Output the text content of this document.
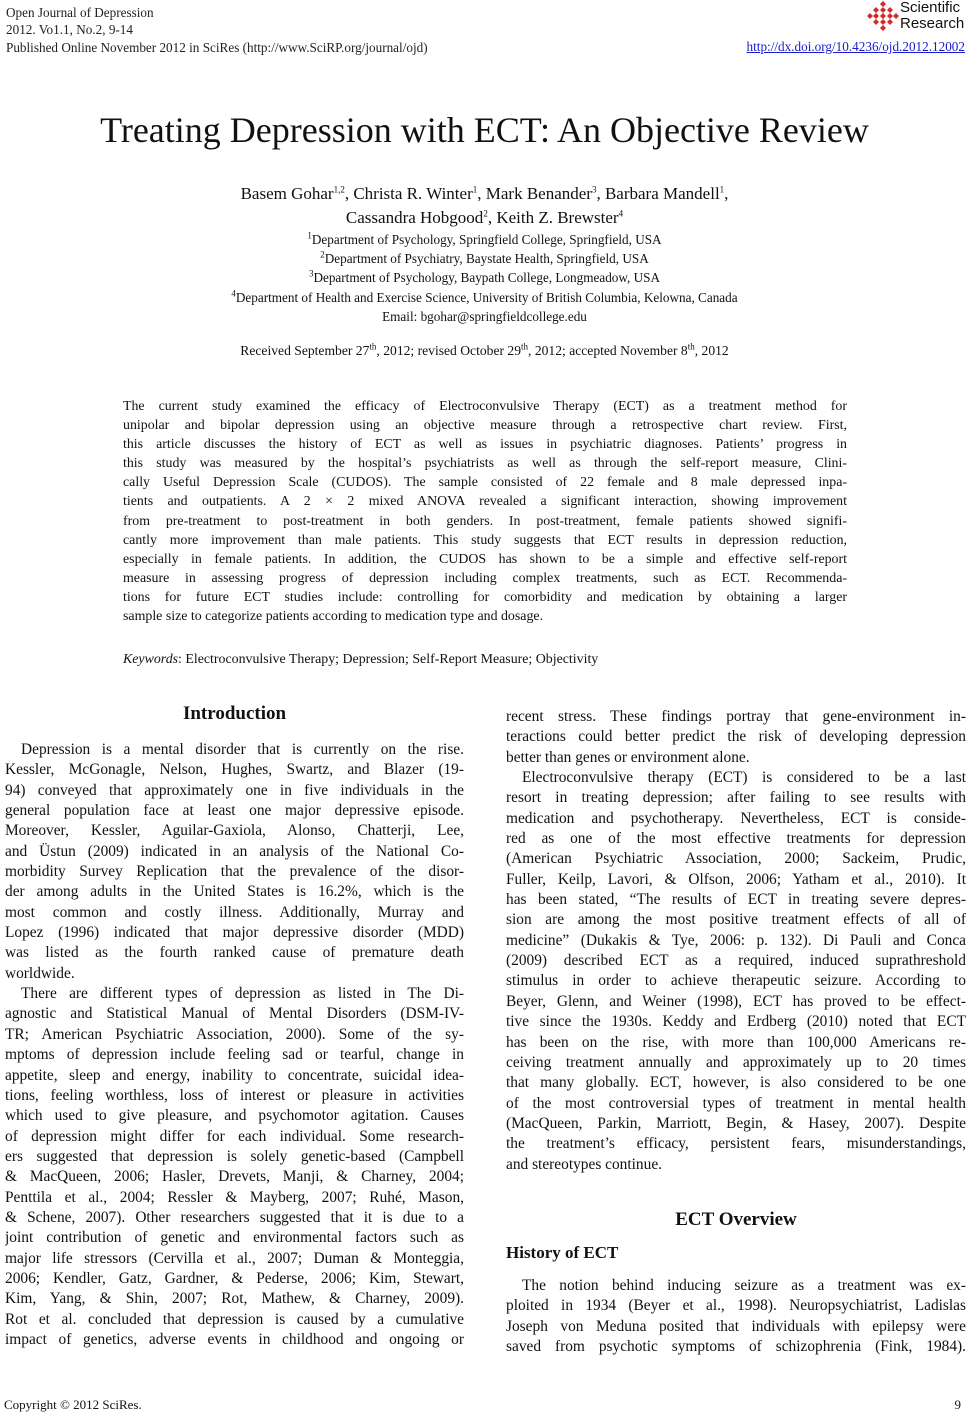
Open Journal of Depression
2012. Vo1.1, No.2, 9-14
Published Online November 2012 in SciRes (http://www.SciRP.org/journal/ojd)
Scientific
Research
http://dx.doi.org/10.4236/ojd.2012.12002
Treating Depression with ECT: An Objective Review
Basem Gohar$^{1,2}$, Christa R. Winter$^1$, Mark Benander$^3$, Barbara Mandell$^1$,
Cassandra Hobgood$^2$, Keith Z. Brewster$^4$
$^1$Department of Psychology, Springfield College, Springfield, USA
$^2$Department of Psychiatry, Baystate Health, Springfield, USA
$^3$Department of Psychology, Baypath College, Longmeadow, USA
$^4$Department of Health and Exercise Science, University of British Columbia, Kelowna, Canada
Email: bgohar@springfieldcollege.edu
Received September 27th, 2012; revised October 29th, 2012; accepted November 8th, 2012
The current study examined the efficacy of Electroconvulsive Therapy (ECT) as a treatment method for
unipolar and bipolar depression using an objective measure through a retrospective chart review. First,
this article discusses the history of ECT as well as issues in psychiatric diagnoses. Patients’ progress in
this study was measured by the hospital’s psychiatrists as well as through the self-report measure, Clini-
cally Useful Depression Scale (CUDOS). The sample consisted of 22 female and 8 male depressed inpa-
tients and outpatients. A 2 × 2 mixed ANOVA revealed a significant interaction, showing improvement
from pre-treatment to post-treatment in both genders. In post-treatment, female patients showed signifi-
cantly more improvement than male patients. This study suggests that ECT results in depression reduction,
especially in female patients. In addition, the CUDOS has shown to be a simple and effective self-report
measure in assessing progress of depression including complex treatments, such as ECT. Recommenda-
tions for future ECT studies include: controlling for comorbidity and medication by obtaining a larger
sample size to categorize patients according to medication type and dosage.
Keywords: Electroconvulsive Therapy; Depression; Self-Report Measure; Objectivity
Introduction
Depression is a mental disorder that is currently on the rise.
Kessler, McGonagle, Nelson, Hughes, Swartz, and Blazer (19-
94) conveyed that approximately one in five individuals in the
general population face at least one major depressive episode.
Moreover, Kessler, Aguilar-Gaxiola, Alonso, Chatterji, Lee,
and Üstun (2009) indicated in an analysis of the National Co-
morbidity Survey Replication that the prevalence of the disor-
der among adults in the United States is 16.2%, which is the
most common and costly illness. Additionally, Murray and
Lopez (1996) indicated that major depressive disorder (MDD)
was listed as the fourth ranked cause of premature death
worldwide.
There are different types of depression as listed in The Di-
agnostic and Statistical Manual of Mental Disorders (DSM-IV-
TR; American Psychiatric Association, 2000). Some of the sy-
mptoms of depression include feeling sad or tearful, change in
appetite, sleep and energy, inability to concentrate, suicidal idea-
tions, feeling worthless, loss of interest or pleasure in activities
which used to give pleasure, and psychomotor agitation. Causes
of depression might differ for each individual. Some research-
ers suggested that depression is solely genetic-based (Campbell
& MacQueen, 2006; Hasler, Drevets, Manji, & Charney, 2004;
Penttila et al., 2004; Ressler & Mayberg, 2007; Ruhé, Mason,
& Schene, 2007). Other researchers suggested that it is due to a
joint contribution of genetic and environmental factors such as
major life stressors (Cervilla et al., 2007; Duman & Monteggia,
2006; Kendler, Gatz, Gardner, & Pederse, 2006; Kim, Stewart,
Kim, Yang, & Shin, 2007; Rot, Mathew, & Charney, 2009).
Rot et al. concluded that depression is caused by a cumulative
impact of genetics, adverse events in childhood and ongoing or
recent stress. These findings portray that gene-environment in-
teractions could better predict the risk of developing depression
better than genes or environment alone.
Electroconvulsive therapy (ECT) is considered to be a last
resort in treating depression; after failing to see results with
medication and psychotherapy. Nevertheless, ECT is conside-
red as one of the most effective treatments for depression
(American Psychiatric Association, 2000; Sackeim, Prudic,
Fuller, Keilp, Lavori, & Olfson, 2006; Yatham et al., 2010). It
has been stated, “The results of ECT in treating severe depres-
sion are among the most positive treatment effects of all of
medicine” (Dukakis & Tye, 2006: p. 132). Di Pauli and Conca
(2009) described ECT as a required, induced suprathreshold
stimulus in order to achieve therapeutic seizure. According to
Beyer, Glenn, and Weiner (1998), ECT has proved to be effect-
tive since the 1930s. Keddy and Erdberg (2010) noted that ECT
has been on the rise, with more than 100,000 Americans re-
ceiving treatment annually and approximately up to 20 times
that many globally. ECT, however, is also considered to be one
of the most controversial types of treatment in mental health
(MacQueen, Parkin, Marriott, Begin, & Hasey, 2007). Despite
the treatment’s efficacy, persistent fears, misunderstandings,
and stereotypes continue.
ECT Overview
History of ECT
The notion behind inducing seizure as a treatment was ex-
ploited in 1934 (Beyer et al., 1998). Neuropsychiatrist, Ladislas
Joseph von Meduna posited that individuals with epilepsy were
saved from psychotic symptoms of schizophrenia (Fink, 1984).
Copyright © 2012 SciRes.	9
